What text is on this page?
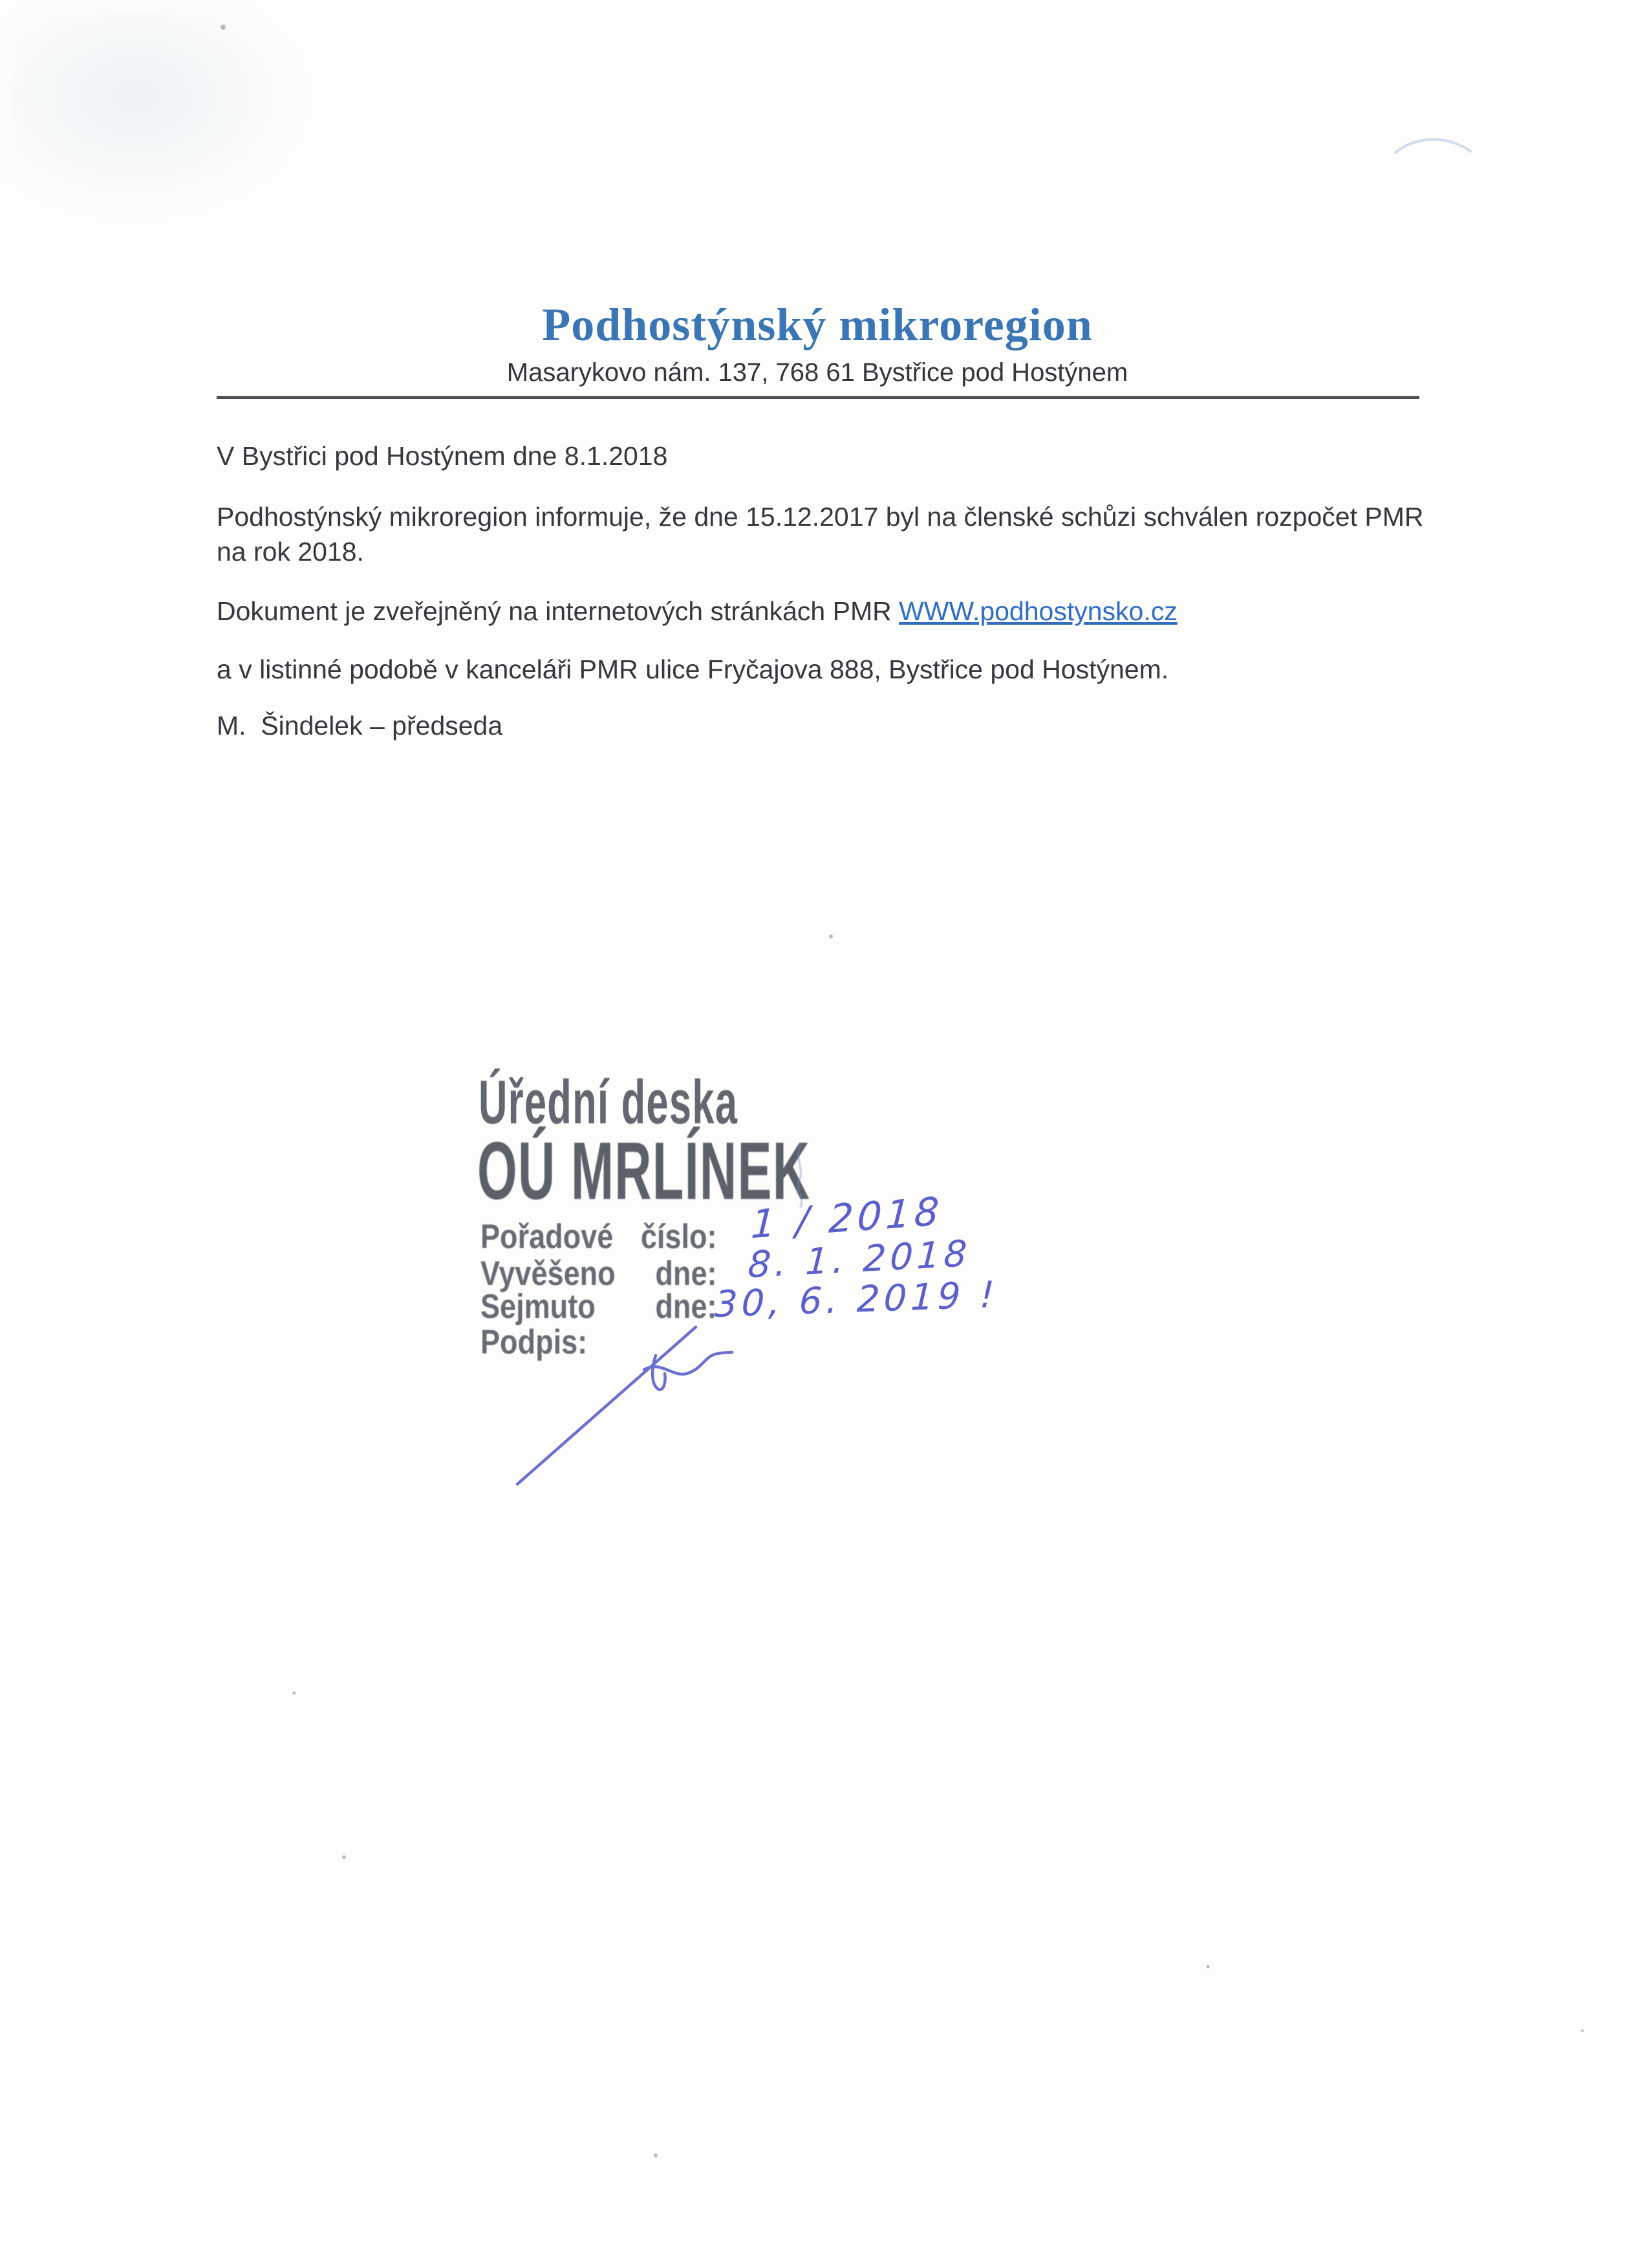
Podhostýnský mikroregion
Masarykovo nám. 137, 768 61 Bystřice pod Hostýnem

V Bystřici pod Hostýnem dne 8.1.2018

Podhostýnský mikroregion informuje, že dne 15.12.2017 byl na členské schůzi schválen rozpočet PMR na rok 2018.

Dokument je zveřejněný na internetových stránkách PMR WWW.podhostynsko.cz

a v listinné podobě v kanceláři PMR ulice Fryčajova 888, Bystřice pod Hostýnem.

M.  Šindelek – předseda

Úřední deska
OÚ MRLÍNEK
Pořadové číslo:
Vyvěšeno dne:
Sejmuto dne:
Podpis:
1 / 2018
8. 1. 2018
30, 6. 2019 !
